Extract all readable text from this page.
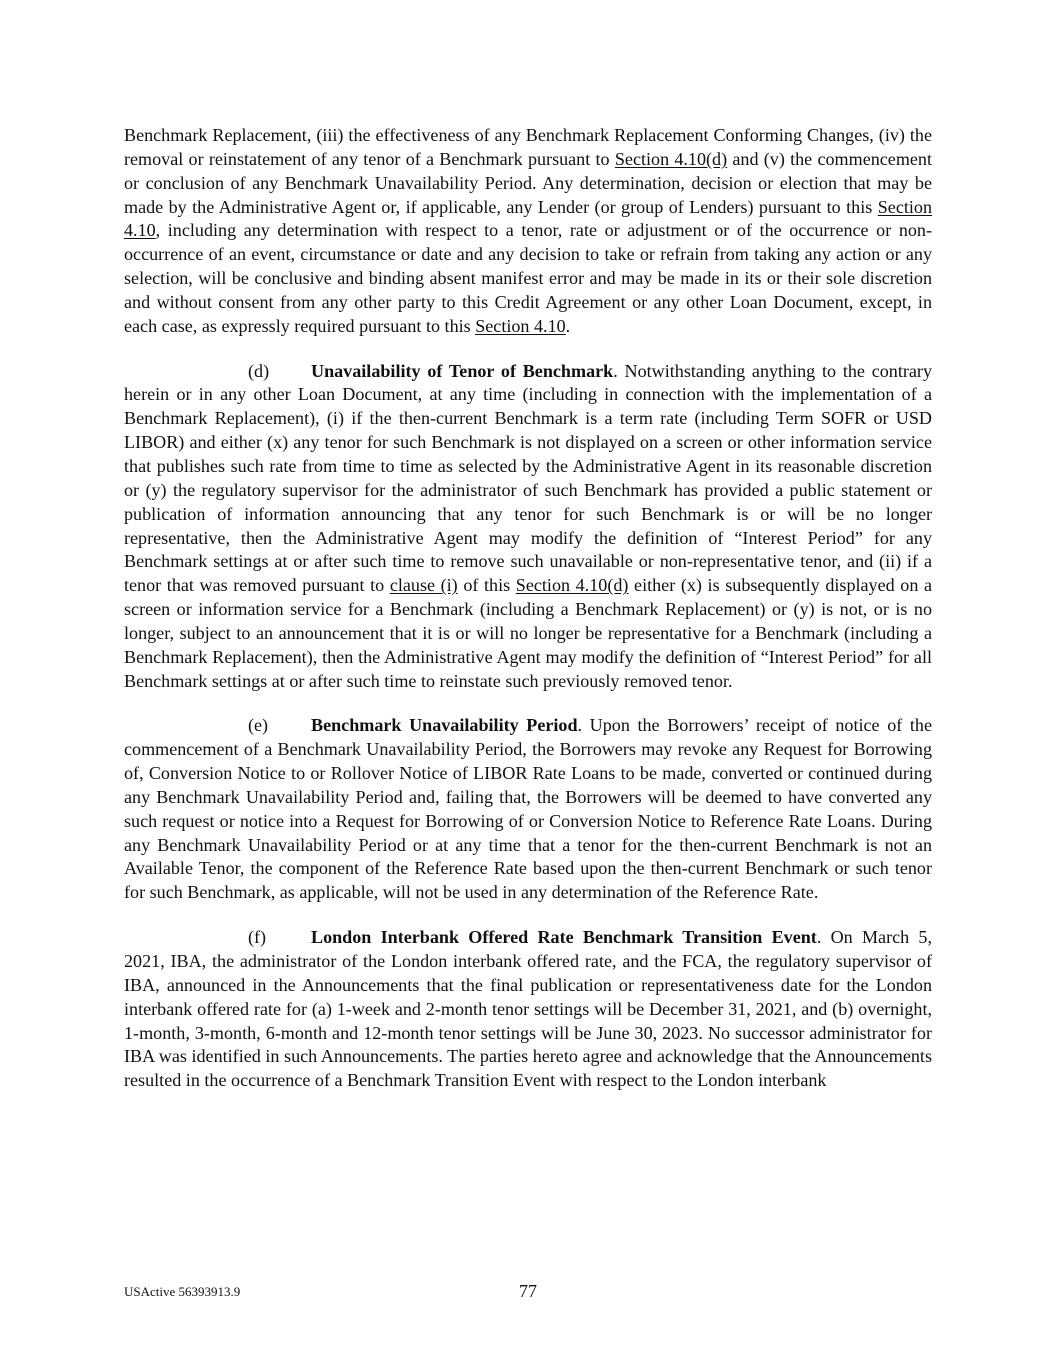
Benchmark Replacement, (iii) the effectiveness of any Benchmark Replacement Conforming Changes, (iv) the removal or reinstatement of any tenor of a Benchmark pursuant to Section 4.10(d) and (v) the commencement or conclusion of any Benchmark Unavailability Period. Any determination, decision or election that may be made by the Administrative Agent or, if applicable, any Lender (or group of Lenders) pursuant to this Section 4.10, including any determination with respect to a tenor, rate or adjustment or of the occurrence or non-occurrence of an event, circumstance or date and any decision to take or refrain from taking any action or any selection, will be conclusive and binding absent manifest error and may be made in its or their sole discretion and without consent from any other party to this Credit Agreement or any other Loan Document, except, in each case, as expressly required pursuant to this Section 4.10.

(d) Unavailability of Tenor of Benchmark. Notwithstanding anything to the contrary herein or in any other Loan Document, at any time (including in connection with the implementation of a Benchmark Replacement), (i) if the then-current Benchmark is a term rate (including Term SOFR or USD LIBOR) and either (x) any tenor for such Benchmark is not displayed on a screen or other information service that publishes such rate from time to time as selected by the Administrative Agent in its reasonable discretion or (y) the regulatory supervisor for the administrator of such Benchmark has provided a public statement or publication of information announcing that any tenor for such Benchmark is or will be no longer representative, then the Administrative Agent may modify the definition of “Interest Period” for any Benchmark settings at or after such time to remove such unavailable or non-representative tenor, and (ii) if a tenor that was removed pursuant to clause (i) of this Section 4.10(d) either (x) is subsequently displayed on a screen or information service for a Benchmark (including a Benchmark Replacement) or (y) is not, or is no longer, subject to an announcement that it is or will no longer be representative for a Benchmark (including a Benchmark Replacement), then the Administrative Agent may modify the definition of “Interest Period” for all Benchmark settings at or after such time to reinstate such previously removed tenor.

(e) Benchmark Unavailability Period. Upon the Borrowers’ receipt of notice of the commencement of a Benchmark Unavailability Period, the Borrowers may revoke any Request for Borrowing of, Conversion Notice to or Rollover Notice of LIBOR Rate Loans to be made, converted or continued during any Benchmark Unavailability Period and, failing that, the Borrowers will be deemed to have converted any such request or notice into a Request for Borrowing of or Conversion Notice to Reference Rate Loans. During any Benchmark Unavailability Period or at any time that a tenor for the then-current Benchmark is not an Available Tenor, the component of the Reference Rate based upon the then-current Benchmark or such tenor for such Benchmark, as applicable, will not be used in any determination of the Reference Rate.

(f) London Interbank Offered Rate Benchmark Transition Event. On March 5, 2021, IBA, the administrator of the London interbank offered rate, and the FCA, the regulatory supervisor of IBA, announced in the Announcements that the final publication or representativeness date for the London interbank offered rate for (a) 1-week and 2-month tenor settings will be December 31, 2021, and (b) overnight, 1-month, 3-month, 6-month and 12-month tenor settings will be June 30, 2023. No successor administrator for IBA was identified in such Announcements. The parties hereto agree and acknowledge that the Announcements resulted in the occurrence of a Benchmark Transition Event with respect to the London interbank

USActive 56393913.9	77
